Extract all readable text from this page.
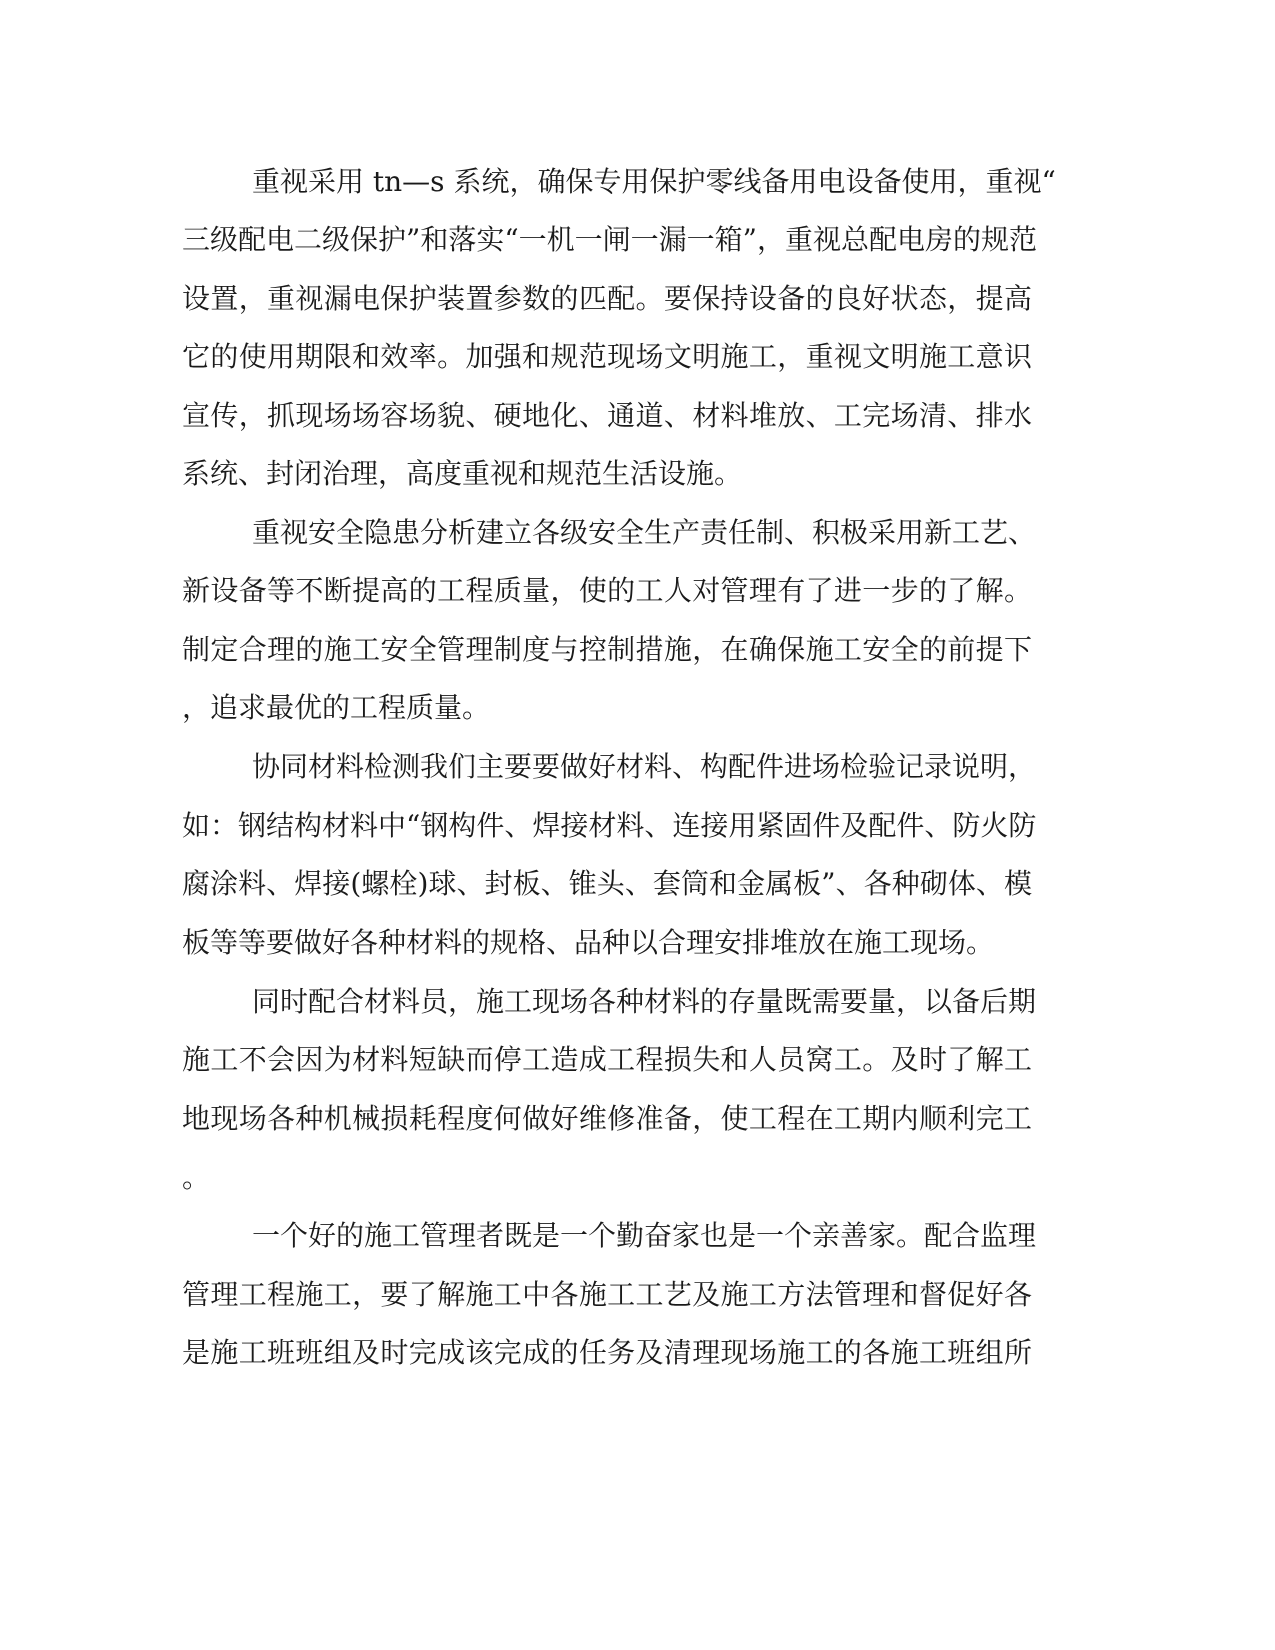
重视采用 tn—s 系统，确保专用保护零线备用电设备使用，重视“
三级配电二级保护”和落实“一机一闸一漏一箱”，重视总配电房的规范
设置，重视漏电保护装置参数的匹配。要保持设备的良好状态，提高
它的使用期限和效率。加强和规范现场文明施工，重视文明施工意识
宣传，抓现场场容场貌、硬地化、通道、材料堆放、工完场清、排水
系统、封闭治理，高度重视和规范生活设施。
重视安全隐患分析建立各级安全生产责任制、积极采用新工艺、
新设备等不断提高的工程质量，使的工人对管理有了进一步的了解。
制定合理的施工安全管理制度与控制措施，在确保施工安全的前提下
，追求最优的工程质量。
协同材料检测我们主要要做好材料、构配件进场检验记录说明，
如：钢结构材料中“钢构件、焊接材料、连接用紧固件及配件、防火防
腐涂料、焊接(螺栓)球、封板、锥头、套筒和金属板”、各种砌体、模
板等等要做好各种材料的规格、品种以合理安排堆放在施工现场。
同时配合材料员，施工现场各种材料的存量既需要量，以备后期
施工不会因为材料短缺而停工造成工程损失和人员窝工。及时了解工
地现场各种机械损耗程度何做好维修准备，使工程在工期内顺利完工
。
一个好的施工管理者既是一个勤奋家也是一个亲善家。配合监理
管理工程施工，要了解施工中各施工工艺及施工方法管理和督促好各
是施工班班组及时完成该完成的任务及清理现场施工的各施工班组所
